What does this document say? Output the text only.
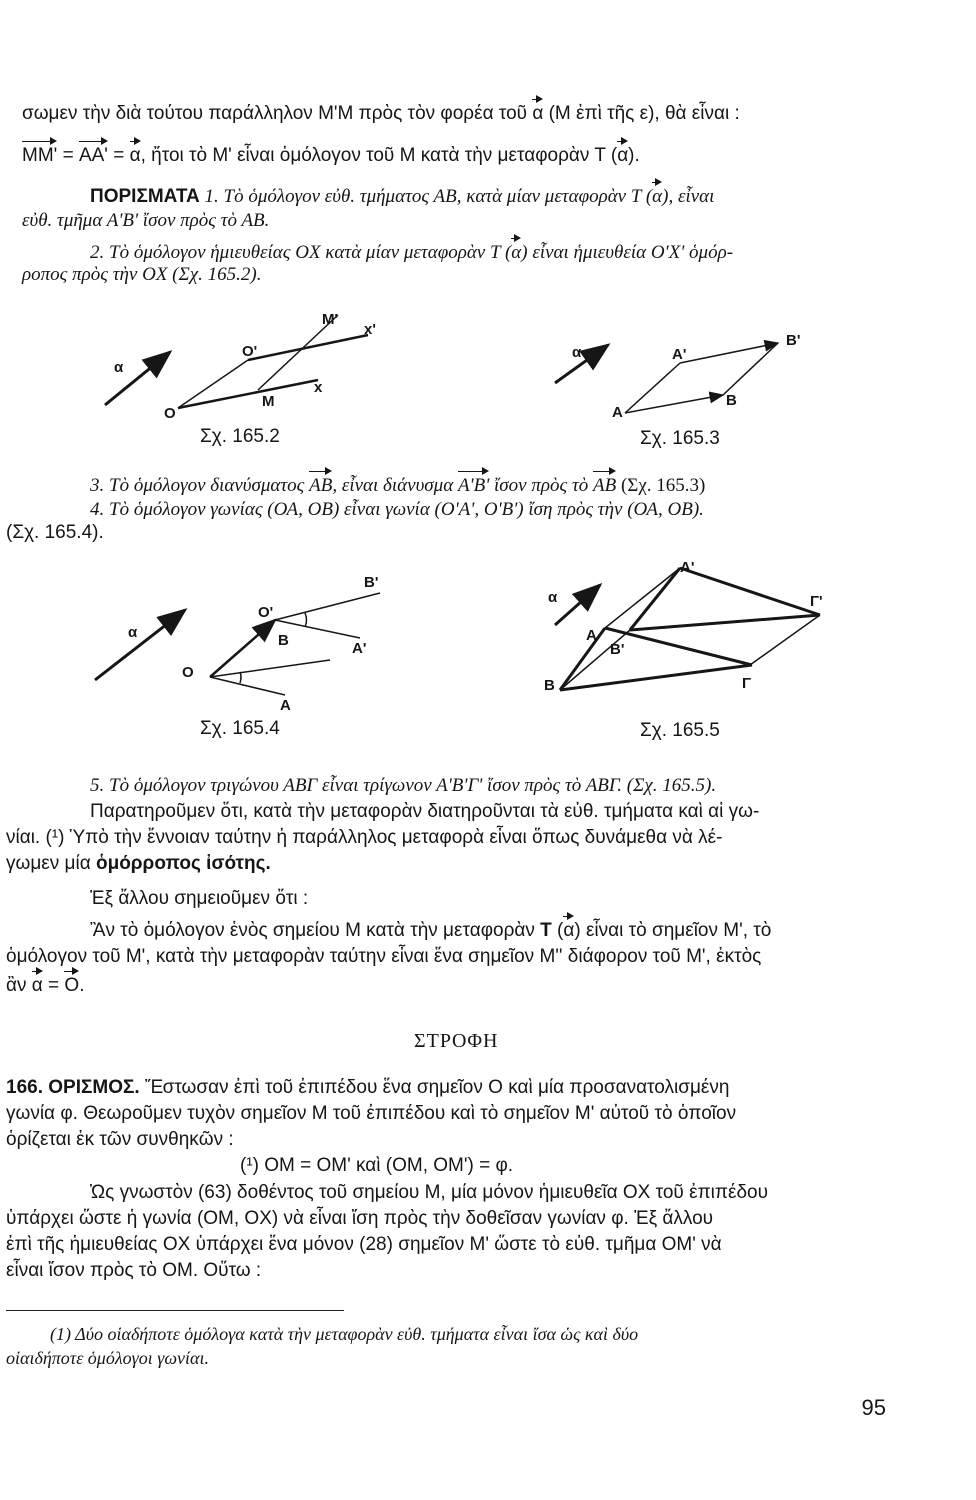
σωμεν τὴν διὰ τούτου παράλληλον Μ'Μ πρὸς τὸν φορέα τοῦ α (Μ ἐπὶ τῆς ε), θὰ εἶναι :
ΜΜ' = ΑΑ' = α, ἤτοι τὸ Μ' εἶναι ὁμόλογον τοῦ Μ κατὰ τὴν μεταφορὰν Τ (α).
ΠΟΡΙΣΜΑΤΑ 1. Τὸ ὁμόλογον εὐθ. τμήματος ΑΒ, κατὰ μίαν μεταφορὰν Τ (α), εἶναι
εὐθ. τμῆμα Α'Β' ἴσον πρὸς τὸ ΑΒ.
2. Τὸ ὁμόλογον ἡμιευθείας ΟΧ κατὰ μίαν μεταφορὰν Τ (α) εἶναι ἡμιευθεία Ο'Χ' ὁμόρ-
ροπος πρὸς τὴν ΟΧ (Σχ. 165.2).
α
O
O'
M
M'
x
x'
Σχ. 165.2
α
A
A'
B
B'
Σχ. 165.3
3. Τὸ ὁμόλογον διανύσματος ΑΒ, εἶναι διάνυσμα Α'Β' ἴσον πρὸς τὸ ΑΒ (Σχ. 165.3)
4. Τὸ ὁμόλογον γωνίας (ΟΑ, ΟΒ) εἶναι γωνία (Ο'Α', Ο'Β') ἴση πρὸς τὴν (ΟΑ, ΟΒ).
(Σχ. 165.4).
α
O
O'
A
A'
B
B'
Σχ. 165.4
α
A
A'
B
B'
Γ
Γ'
Σχ. 165.5
5. Τὸ ὁμόλογον τριγώνου ΑΒΓ εἶναι τρίγωνον Α'Β'Γ' ἴσον πρὸς τὸ ΑΒΓ. (Σχ. 165.5).
Παρατηροῦμεν ὅτι, κατὰ τὴν μεταφορὰν διατηροῦνται τὰ εὐθ. τμήματα καὶ αἱ γω-
νίαι. (¹) Ὑπὸ τὴν ἔννοιαν ταύτην ἡ παράλληλος μεταφορὰ εἶναι ὅπως δυνάμεθα νὰ λέ-
γωμεν μία ὁμόρροπος ἰσότης.
Ἐξ ἄλλου σημειοῦμεν ὅτι :
Ἂν τὸ ὁμόλογον ἑνὸς σημείου Μ κατὰ τὴν μεταφορὰν Τ (α) εἶναι τὸ σημεῖον Μ', τὸ
ὁμόλογον τοῦ Μ', κατὰ τὴν μεταφορὰν ταύτην εἶναι ἕνα σημεῖον Μ'' διάφορον τοῦ Μ', ἐκτὸς
ἂν α = Ο.
ΣΤΡΟΦΗ
166. ΟΡΙΣΜΟΣ. Ἔστωσαν ἐπὶ τοῦ ἐπιπέδου ἕνα σημεῖον Ο καὶ μία προσανατολισμένη
γωνία φ. Θεωροῦμεν τυχὸν σημεῖον Μ τοῦ ἐπιπέδου καὶ τὸ σημεῖον Μ' αὐτοῦ τὸ ὁποῖον
ὁρίζεται ἐκ τῶν συνθηκῶν :
(¹) ΟΜ = ΟΜ' καὶ (ΟΜ, ΟΜ') = φ.
Ὡς γνωστὸν (63) δοθέντος τοῦ σημείου Μ, μία μόνον ἡμιευθεῖα ΟΧ τοῦ ἐπιπέδου
ὑπάρχει ὥστε ἡ γωνία (ΟΜ, ΟΧ) νὰ εἶναι ἴση πρὸς τὴν δοθεῖσαν γωνίαν φ. Ἐξ ἄλλου
ἐπὶ τῆς ἡμιευθείας ΟΧ ὑπάρχει ἕνα μόνον (28) σημεῖον Μ' ὥστε τὸ εὐθ. τμῆμα ΟΜ' νὰ
εἶναι ἴσον πρὸς τὸ ΟΜ. Οὕτω :
(1) Δύο οἱαδήποτε ὁμόλογα κατὰ τὴν μεταφορὰν εὐθ. τμήματα εἶναι ἴσα ὡς καὶ δύο
οἱαιδήποτε ὁμόλογοι γωνίαι.
95
